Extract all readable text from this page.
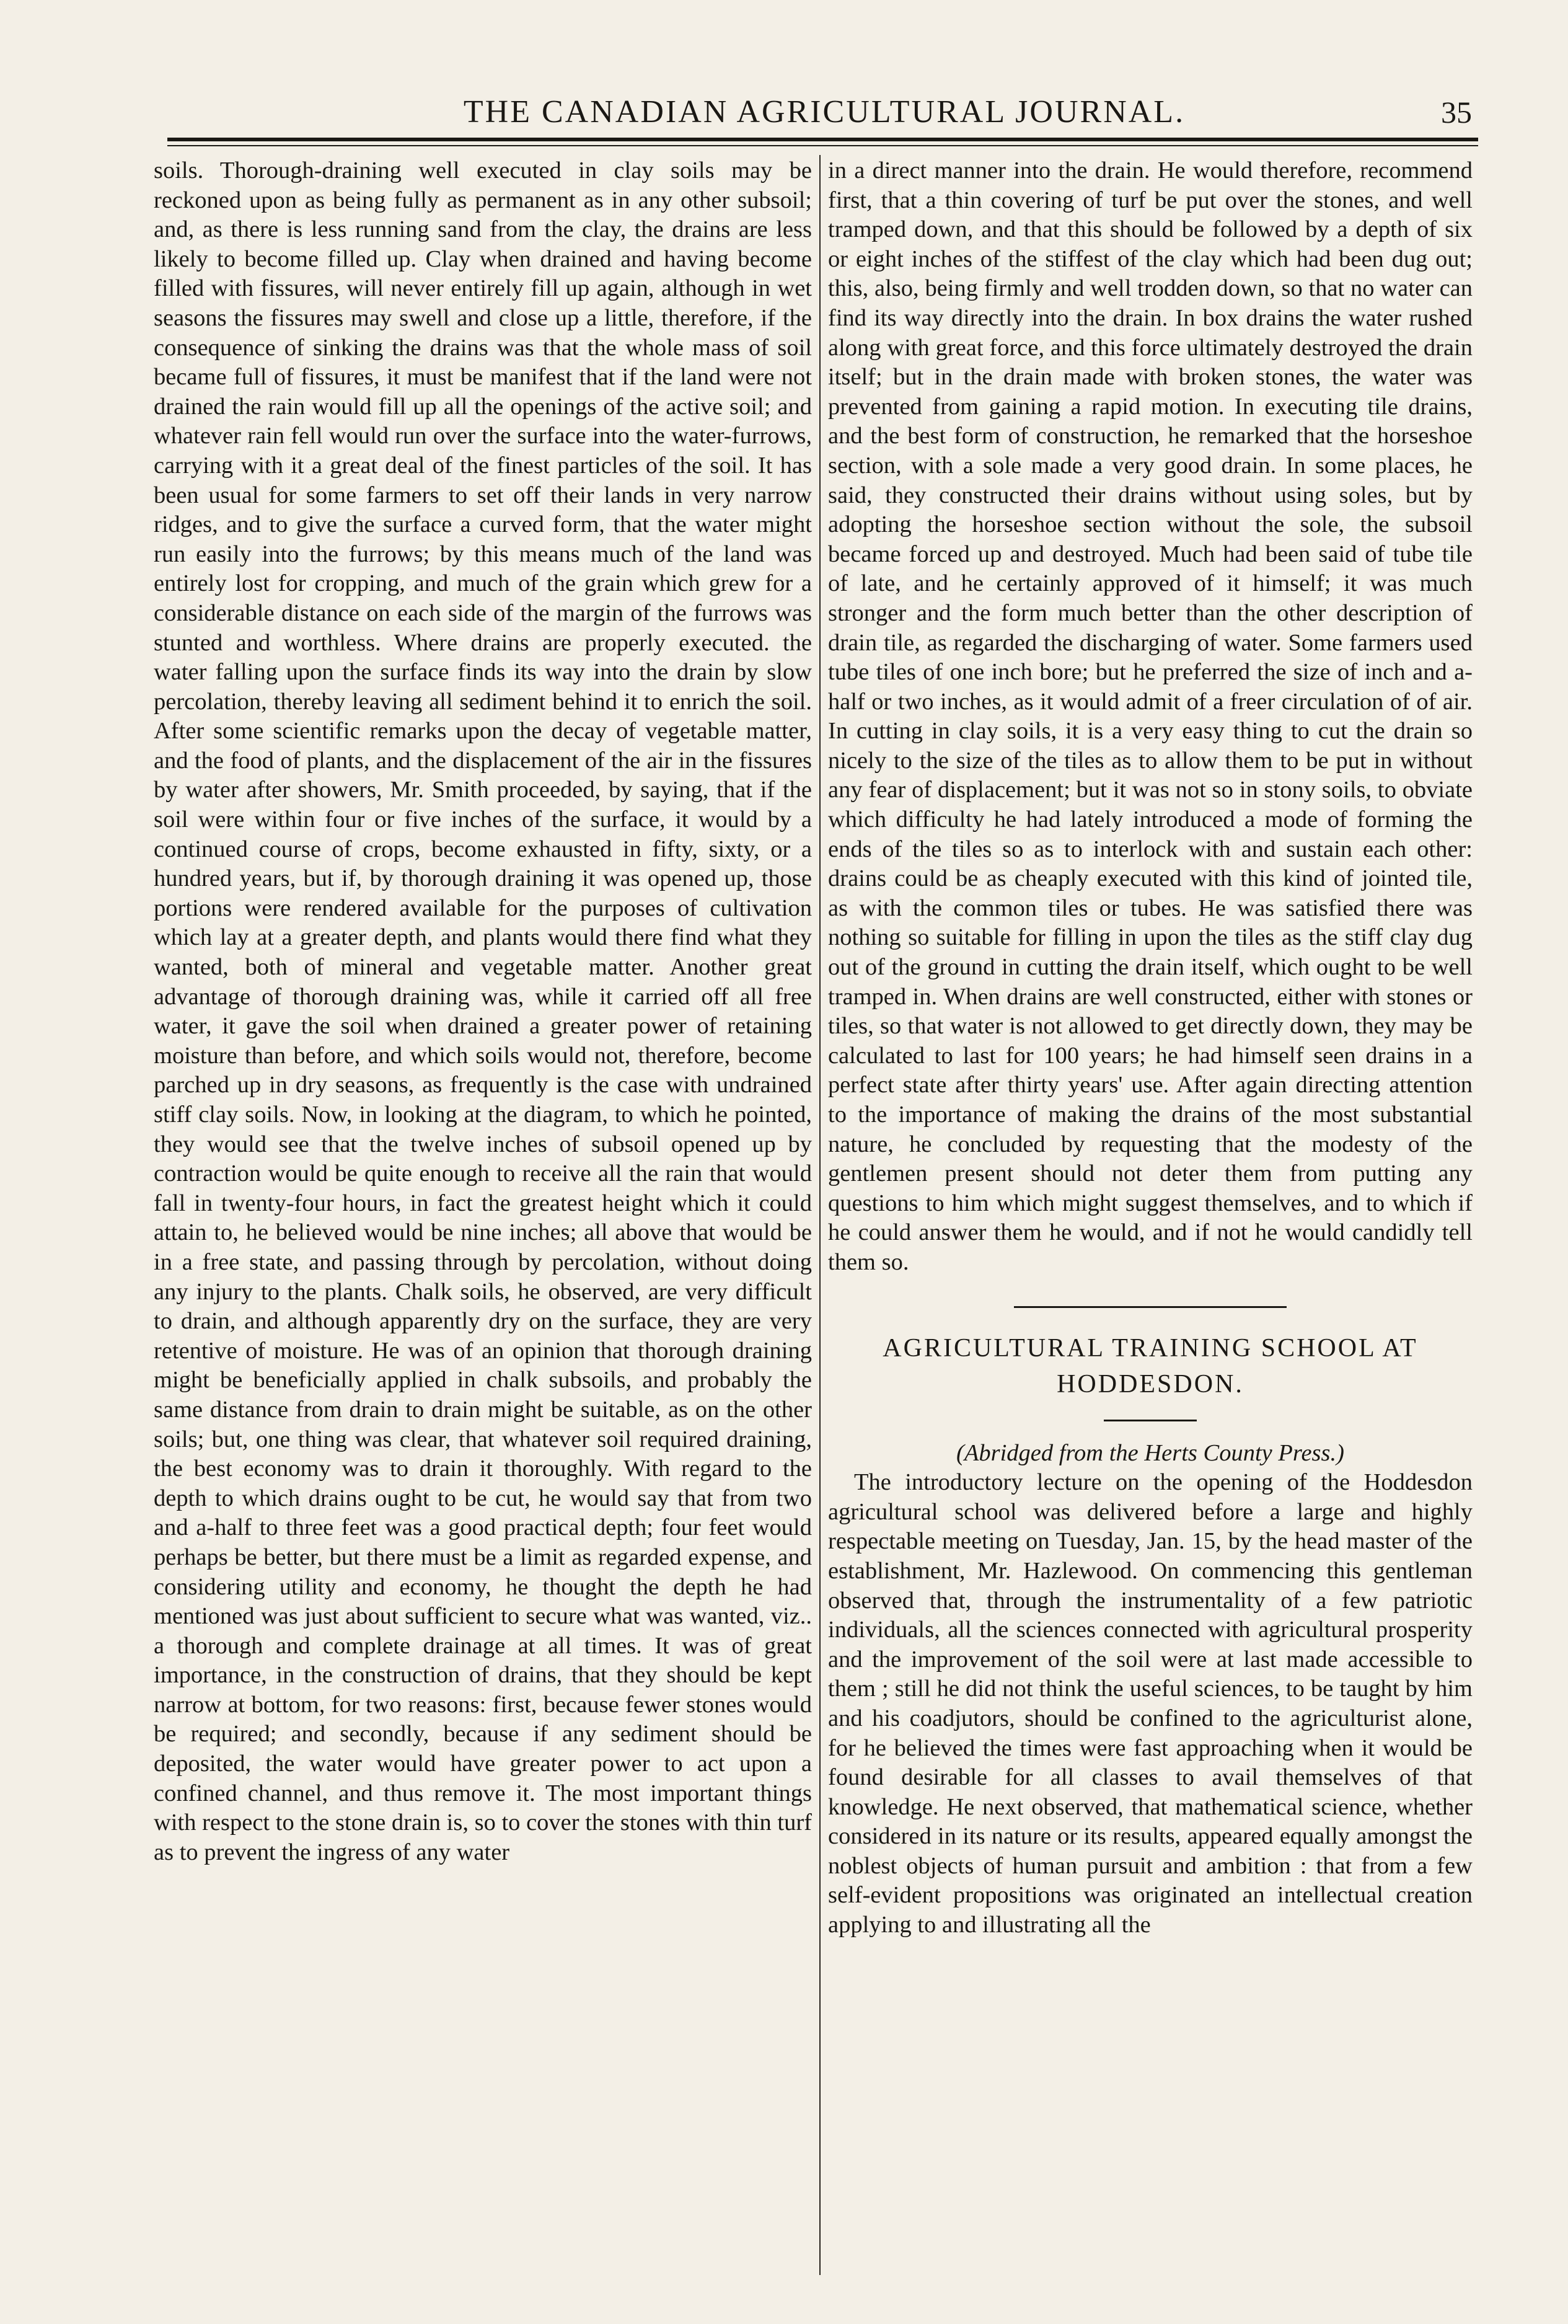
THE CANADIAN AGRICULTURAL JOURNAL.	35

soils. Thorough-draining well executed in clay soils may be reckoned upon as being fully as permanent as in any other subsoil; and, as there is less running sand from the clay, the drains are less likely to become filled up. Clay when drained and having become filled with fissures, will never entirely fill up again, although in wet seasons the fissures may swell and close up a little, therefore, if the consequence of sinking the drains was that the whole mass of soil became full of fissures, it must be manifest that if the land were not drained the rain would fill up all the openings of the active soil; and whatever rain fell would run over the surface into the water-furrows, carrying with it a great deal of the finest particles of the soil. It has been usual for some farmers to set off their lands in very narrow ridges, and to give the surface a curved form, that the water might run easily into the furrows; by this means much of the land was entirely lost for cropping, and much of the grain which grew for a considerable distance on each side of the margin of the furrows was stunted and worthless. Where drains are properly executed. the water falling upon the surface finds its way into the drain by slow percolation, thereby leaving all sediment behind it to enrich the soil. After some scientific remarks upon the decay of vegetable matter, and the food of plants, and the displacement of the air in the fissures by water after showers, Mr. Smith proceeded, by saying, that if the soil were within four or five inches of the surface, it would by a continued course of crops, become exhausted in fifty, sixty, or a hundred years, but if, by thorough draining it was opened up, those portions were rendered available for the purposes of cultivation which lay at a greater depth, and plants would there find what they wanted, both of mineral and vegetable matter. Another great advantage of thorough draining was, while it carried off all free water, it gave the soil when drained a greater power of retaining moisture than before, and which soils would not, therefore, become parched up in dry seasons, as frequently is the case with undrained stiff clay soils. Now, in looking at the diagram, to which he pointed, they would see that the twelve inches of subsoil opened up by contraction would be quite enough to receive all the rain that would fall in twenty-four hours, in fact the greatest height which it could attain to, he believed would be nine inches; all above that would be in a free state, and passing through by percolation, without doing any injury to the plants. Chalk soils, he observed, are very difficult to drain, and although apparently dry on the surface, they are very retentive of moisture. He was of an opinion that thorough draining might be beneficially applied in chalk subsoils, and probably the same distance from drain to drain might be suitable, as on the other soils; but, one thing was clear, that whatever soil required draining, the best economy was to drain it thoroughly. With regard to the depth to which drains ought to be cut, he would say that from two and a-half to three feet was a good practical depth; four feet would perhaps be better, but there must be a limit as regarded expense, and considering utility and economy, he thought the depth he had mentioned was just about sufficient to secure what was wanted, viz.. a thorough and complete drainage at all times. It was of great importance, in the construction of drains, that they should be kept narrow at bottom, for two reasons: first, because fewer stones would be required; and secondly, because if any sediment should be deposited, the water would have greater power to act upon a confined channel, and thus remove it. The most important things with respect to the stone drain is, so to cover the stones with thin turf as to prevent the ingress of any water

in a direct manner into the drain. He would therefore, recommend first, that a thin covering of turf be put over the stones, and well tramped down, and that this should be followed by a depth of six or eight inches of the stiffest of the clay which had been dug out; this, also, being firmly and well trodden down, so that no water can find its way directly into the drain. In box drains the water rushed along with great force, and this force ultimately destroyed the drain itself; but in the drain made with broken stones, the water was prevented from gaining a rapid motion. In executing tile drains, and the best form of construction, he remarked that the horseshoe section, with a sole made a very good drain. In some places, he said, they constructed their drains without using soles, but by adopting the horseshoe section without the sole, the subsoil became forced up and destroyed. Much had been said of tube tile of late, and he certainly approved of it himself; it was much stronger and the form much better than the other description of drain tile, as regarded the discharging of water. Some farmers used tube tiles of one inch bore; but he preferred the size of inch and a-half or two inches, as it would admit of a freer circulation of of air. In cutting in clay soils, it is a very easy thing to cut the drain so nicely to the size of the tiles as to allow them to be put in without any fear of displacement; but it was not so in stony soils, to obviate which difficulty he had lately introduced a mode of forming the ends of the tiles so as to interlock with and sustain each other: drains could be as cheaply executed with this kind of jointed tile, as with the common tiles or tubes. He was satisfied there was nothing so suitable for filling in upon the tiles as the stiff clay dug out of the ground in cutting the drain itself, which ought to be well tramped in. When drains are well constructed, either with stones or tiles, so that water is not allowed to get directly down, they may be calculated to last for 100 years; he had himself seen drains in a perfect state after thirty years' use. After again directing attention to the importance of making the drains of the most substantial nature, he concluded by requesting that the modesty of the gentlemen present should not deter them from putting any questions to him which might suggest themselves, and to which if he could answer them he would, and if not he would candidly tell them so.

AGRICULTURAL TRAINING SCHOOL AT
HODDESDON.

(Abridged from the Herts County Press.)

The introductory lecture on the opening of the Hoddesdon agricultural school was delivered before a large and highly respectable meeting on Tuesday, Jan. 15, by the head master of the establishment, Mr. Hazlewood. On commencing this gentleman observed that, through the instrumentality of a few patriotic individuals, all the sciences connected with agricultural prosperity and the improvement of the soil were at last made accessible to them ; still he did not think the useful sciences, to be taught by him and his coadjutors, should be confined to the agriculturist alone, for he believed the times were fast approaching when it would be found desirable for all classes to avail themselves of that knowledge. He next observed, that mathematical science, whether considered in its nature or its results, appeared equally amongst the noblest objects of human pursuit and ambition : that from a few self-evident propositions was originated an intellectual creation applying to and illustrating all the
